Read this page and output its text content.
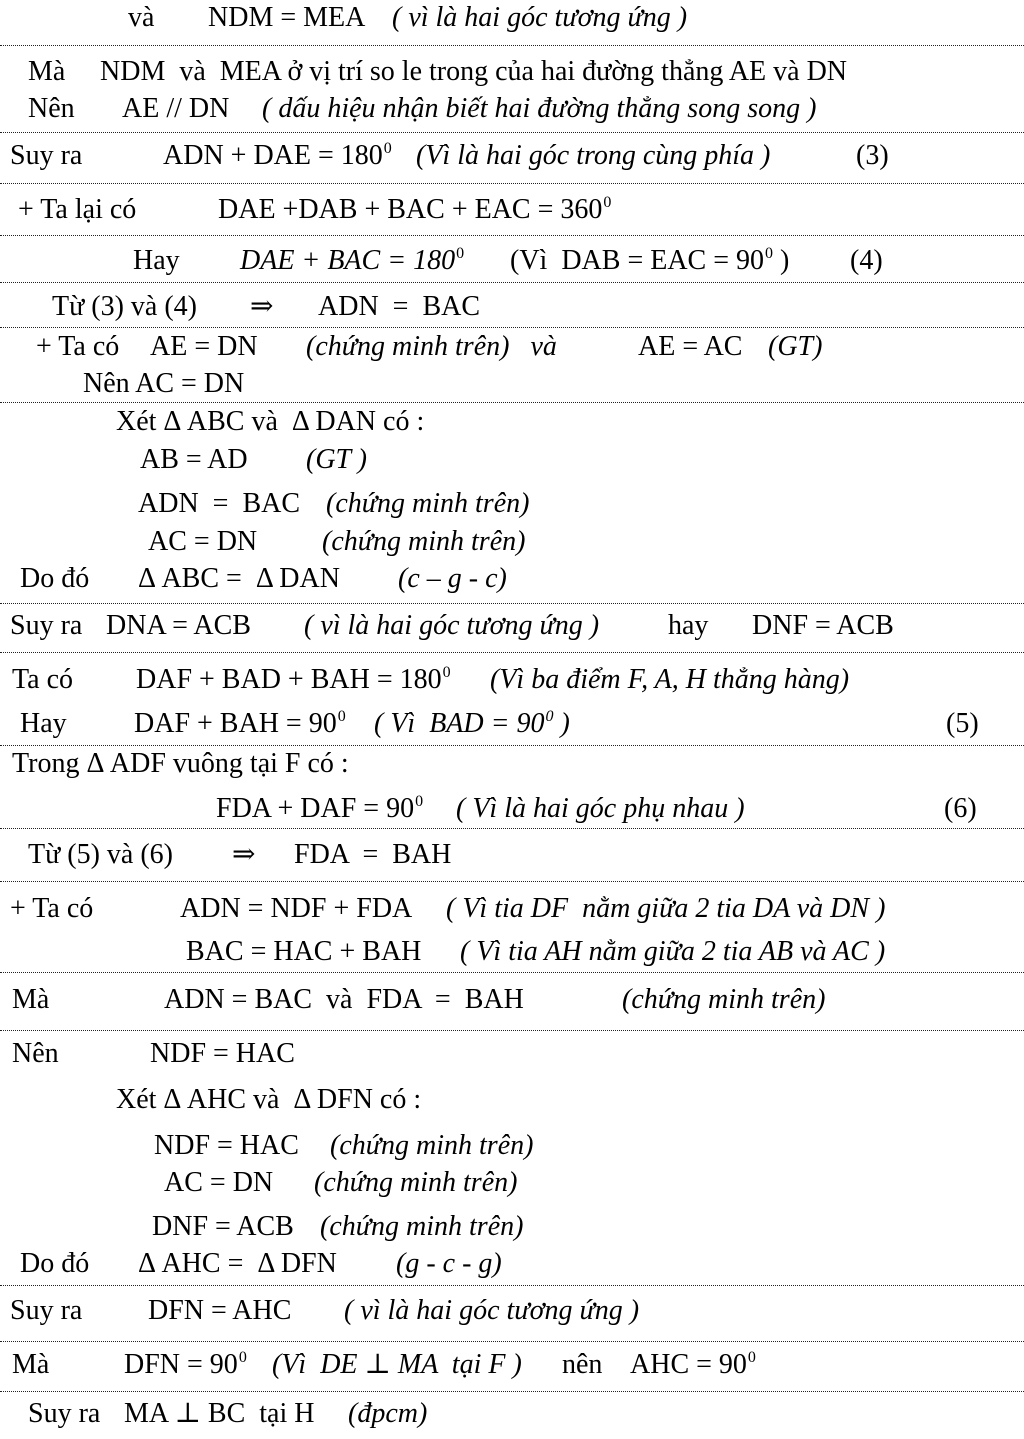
và NDM = MEA ( vì là hai góc tương ứng )
Mà NDM  và  MEA ở vị trí so le trong của hai đường thẳng AE và DN
Nên AE // DN ( dấu hiệu nhận biết hai đường thẳng song song )
Suy ra	ADN + DAE = $180^0$ (Vì là hai góc trong cùng phía )	(3)
+ Ta lại có	DAE +DAB + BAC + EAC = $360^0$
Hay DAE + BAC = $180^0$ (Vì  DAB = EAC = $90^0$ ) (4)
Từ (3) và (4) ⇒ ADN  =  BAC
+ Ta có AE = DN (chứng minh trên)   và	AE = AC (GT)
Nên AC = DN
Xét Δ ABC và  Δ DAN có :
AB = AD (GT )
ADN  =  BAC (chứng minh trên)
AC = DN (chứng minh trên)
Do đó Δ ABC =  Δ DAN (c – g - c)
Suy ra DNA = ACB ( vì là hai góc tương ứng ) hay DNF = ACB
Ta có DAF + BAD + BAH = $180^0$ (Vì ba điểm F, A, H thẳng hàng)
Hay DAF + BAH = $90^0$ ( Vì  BAD = $90^0$ )	(5)
Trong Δ ADF vuông tại F có :
FDA + DAF = $90^0$ ( Vì là hai góc phụ nhau )	(6)
Từ (5) và (6) ⇒ FDA  =  BAH
+ Ta có	ADN = NDF + FDA ( Vì tia DF  nằm giữa 2 tia DA và DN )
BAC = HAC + BAH ( Vì tia AH nằm giữa 2 tia AB và AC )
Mà	ADN = BAC  và  FDA  =  BAH	(chứng minh trên)
Nên	NDF = HAC
Xét Δ AHC và  Δ DFN có :
NDF = HAC (chứng minh trên)
AC = DN (chứng minh trên)
DNF = ACB (chứng minh trên)
Do đó Δ AHC =  Δ DFN (g - c - g)
Suy ra DFN = AHC ( vì là hai góc tương ứng )
Mà	DFN = $90^0$ (Vì  DE ⊥ MA  tại F ) nên AHC = $90^0$
Suy ra MA ⊥ BC  tại H (đpcm)
